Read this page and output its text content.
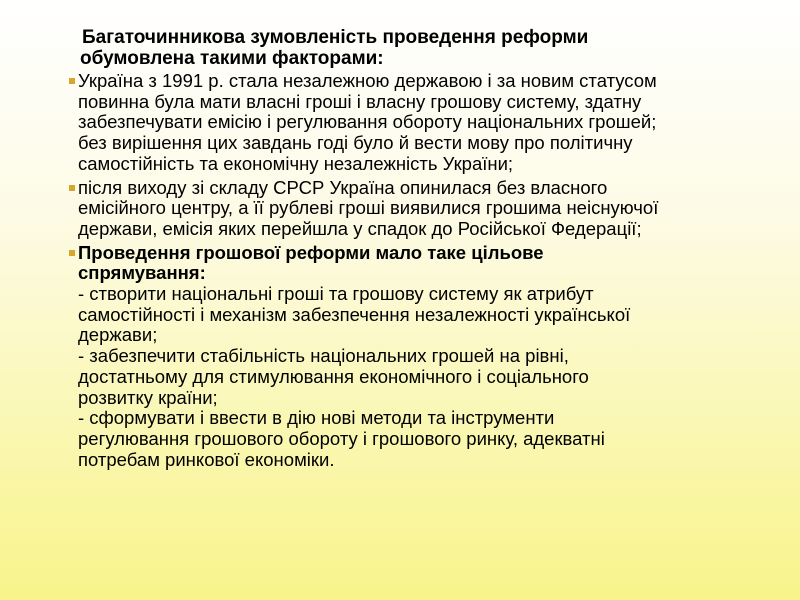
Багаточинникова зумовленість проведення реформи
обумовлена такими факторами:

Україна з 1991 р. стала незалежною державою і за новим статусом
повинна була мати власні гроші і власну грошову систему, здатну
забезпечувати емісію і регулювання обороту національних грошей;
без вирішення цих завдань годі було й вести мову про політичну
самостійність та економічну незалежність України;
після виходу зі складу СРСР Україна опинилася без власного
емісійного центру, а її рублеві гроші виявилися грошима неіснуючої
держави, емісія яких перейшла у спадок до Російської Федерації;
Проведення грошової реформи мало таке цільове
спрямування:
- створити національні гроші та грошову систему як атрибут
самостійності і механізм забезпечення незалежності української
держави;
- забезпечити стабільність національних грошей на рівні,
достатньому для стимулювання економічного і соціального
розвитку країни;
- сформувати і ввести в дію нові методи та інструменти
регулювання грошового обороту і грошового ринку, адекватні
потребам ринкової економіки.
